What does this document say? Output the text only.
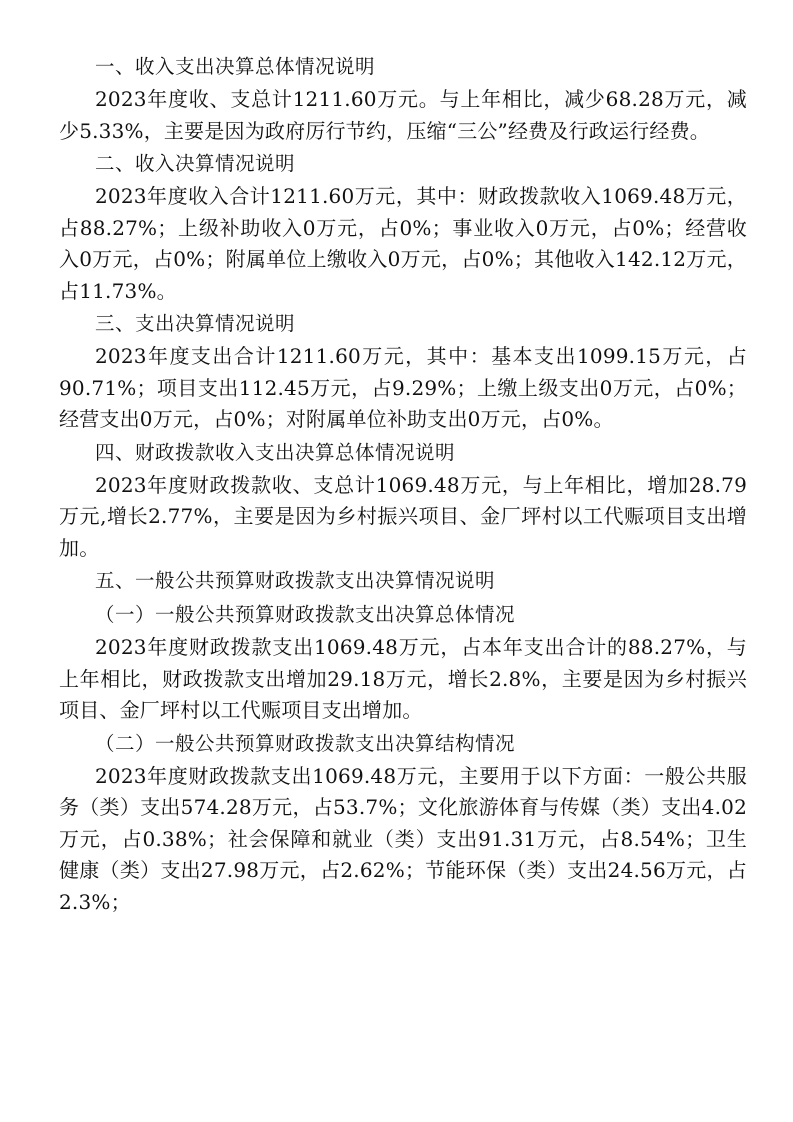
一、收入支出决算总体情况说明

2023年度收、支总计1211.60万元。与上年相比，减少68.28万元，减少5.33%，主要是因为政府厉行节约，压缩“三公”经费及行政运行经费。

二、收入决算情况说明

2023年度收入合计1211.60万元，其中：财政拨款收入1069.48万元，占88.27%；上级补助收入0万元，占0%；事业收入0万元，占0%；经营收入0万元，占0%；附属单位上缴收入0万元，占0%；其他收入142.12万元，占11.73%。

三、支出决算情况说明

2023年度支出合计1211.60万元，其中：基本支出1099.15万元，占90.71%；项目支出112.45万元，占9.29%；上缴上级支出0万元，占0%；经营支出0万元，占0%；对附属单位补助支出0万元，占0%。

四、财政拨款收入支出决算总体情况说明

2023年度财政拨款收、支总计1069.48万元，与上年相比，增加28.79万元,增长2.77%，主要是因为乡村振兴项目、金厂坪村以工代赈项目支出增加。

五、一般公共预算财政拨款支出决算情况说明
（一）一般公共预算财政拨款支出决算总体情况

2023年度财政拨款支出1069.48万元，占本年支出合计的88.27%，与上年相比，财政拨款支出增加29.18万元，增长2.8%，主要是因为乡村振兴项目、金厂坪村以工代赈项目支出增加。

（二）一般公共预算财政拨款支出决算结构情况

2023年度财政拨款支出1069.48万元，主要用于以下方面：一般公共服务（类）支出574.28万元，占53.7%；文化旅游体育与传媒（类）支出4.02万元，占0.38%；社会保障和就业（类）支出91.31万元，占8.54%；卫生健康（类）支出27.98万元，占2.62%；节能环保（类）支出24.56万元，占2.3%；
